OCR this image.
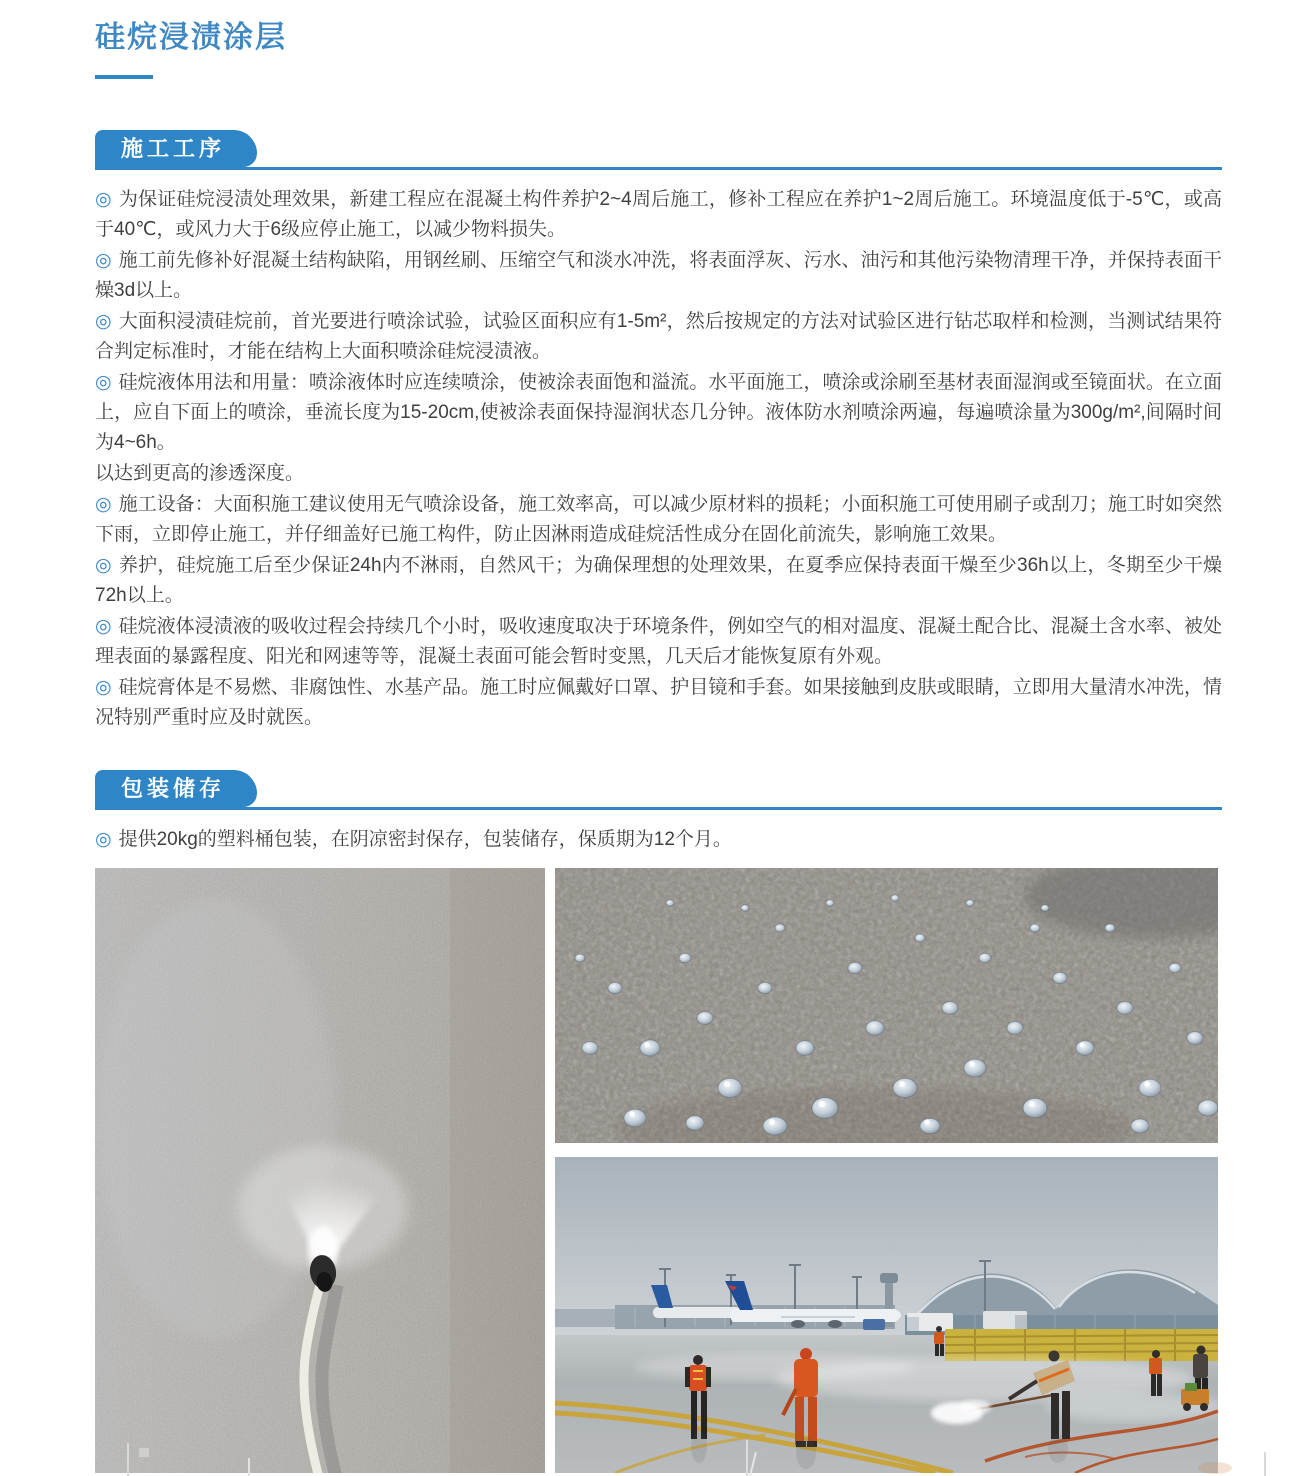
硅烷浸渍涂层
施工工序

◎ 为保证硅烷浸渍处理效果，新建工程应在混凝土构件养护2~4周后施工，修补工程应在养护1~2周后施工。环境温度低于-5℃，或高于40℃，或风力大于6级应停止施工，以减少物料损失。

◎ 施工前先修补好混凝土结构缺陷，用钢丝刷、压缩空气和淡水冲洗，将表面浮灰、污水、油污和其他污染物清理干净，并保持表面干燥3d以上。

◎ 大面积浸渍硅烷前，首光要进行喷涂试验，试验区面积应有1-5m²，然后按规定的方法对试验区进行钻芯取样和检测，当测试结果符合判定标准时，才能在结构上大面积喷涂硅烷浸渍液。

◎ 硅烷液体用法和用量：喷涂液体时应连续喷涂，使被涂表面饱和溢流。水平面施工，喷涂或涂刷至基材表面湿润或至镜面状。在立面上，应自下面上的喷涂，垂流长度为15-20cm,使被涂表面保持湿润状态几分钟。液体防水剂喷涂两遍，每遍喷涂量为300g/m²,间隔时间为4~6h。

以达到更高的渗透深度。

◎ 施工设备：大面积施工建议使用无气喷涂设备，施工效率高，可以减少原材料的损耗；小面积施工可使用刷子或刮刀；施工时如突然下雨，立即停止施工，并仔细盖好已施工构件，防止因淋雨造成硅烷活性成分在固化前流失，影响施工效果。

◎ 养护，硅烷施工后至少保证24h内不淋雨，自然风干；为确保理想的处理效果，在夏季应保持表面干燥至少36h以上，冬期至少干燥72h以上。

◎ 硅烷液体浸渍液的吸收过程会持续几个小时，吸收速度取决于环境条件，例如空气的相对温度、混凝土配合比、混凝土含水率、被处理表面的暴露程度、阳光和网速等等，混凝土表面可能会暂时变黑，几天后才能恢复原有外观。

◎ 硅烷膏体是不易燃、非腐蚀性、水基产品。施工时应佩戴好口罩、护目镜和手套。如果接触到皮肤或眼睛，立即用大量清水冲洗，情况特别严重时应及时就医。

包装储存

◎ 提供20kg的塑料桶包装，在阴凉密封保存，包装储存，保质期为12个月。
